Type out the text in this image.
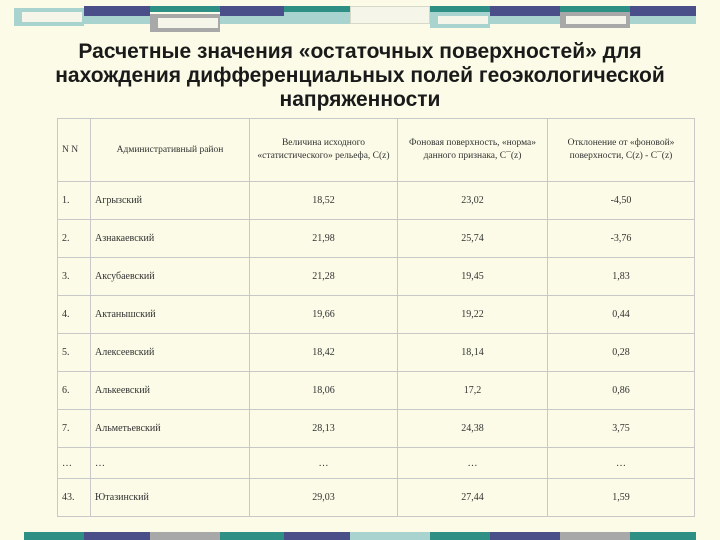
Расчетные значения «остаточных поверхностей» для нахождения дифференциальных полей геоэкологической напряженности
N N	Административный район	Величина исходного «статистического» рельефа, C(z)	Фоновая поверхность, «норма» данного признака, C¯(z)	Отклонение от «фоновой» поверхности, C(z) - C¯(z)
1.	Агрызский	18,52	23,02	-4,50
2.	Азнакаевский	21,98	25,74	-3,76
3.	Аксубаевский	21,28	19,45	1,83
4.	Актанышский	19,66	19,22	0,44
5.	Алексеевский	18,42	18,14	0,28
6.	Алькеевский	18,06	17,2	0,86
7.	Альметьевский	28,13	24,38	3,75
…	…	…	…	…
43.	Ютазинский	29,03	27,44	1,59
